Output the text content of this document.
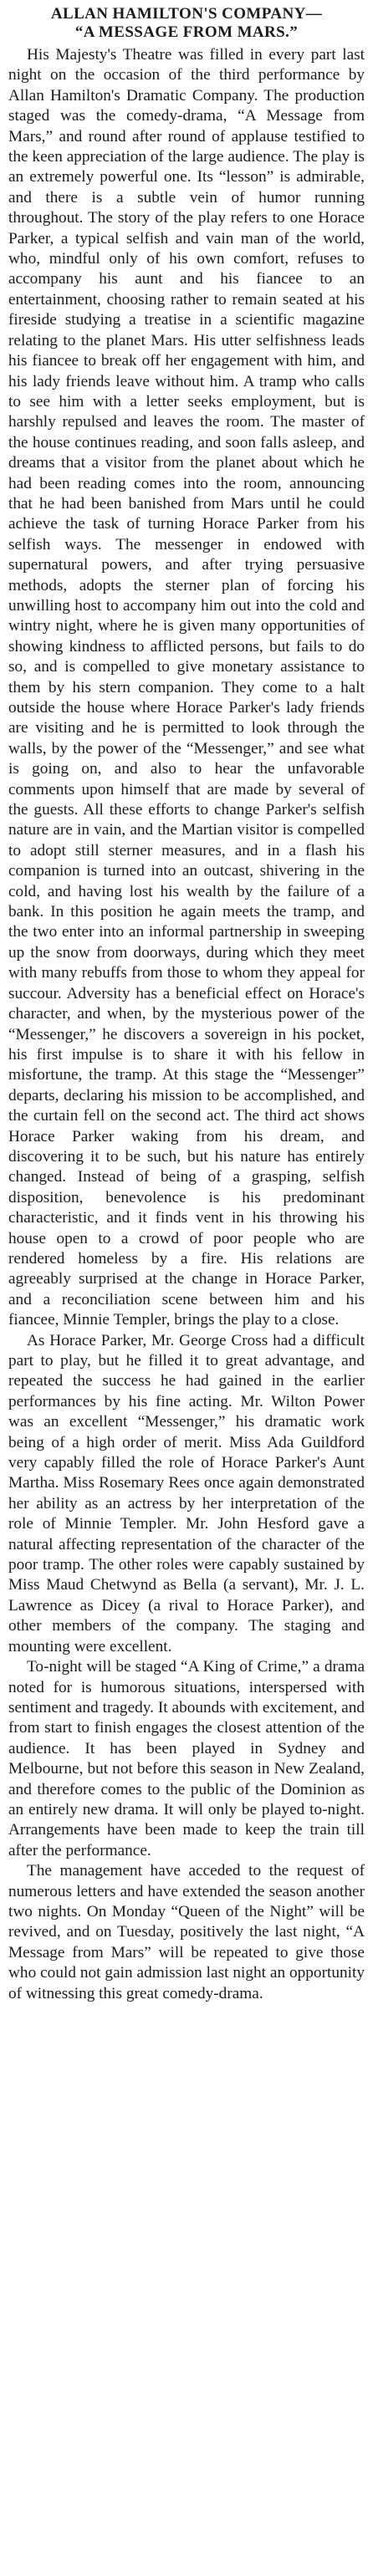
ALLAN HAMILTON'S COMPANY—
“A MESSAGE FROM MARS.”

His Majesty's Theatre was filled in every part last night on the occasion of the third performance by Allan Hamilton's Dramatic Company. The production staged was the comedy-drama, “A Message from Mars,” and round after round of applause testified to the keen appreciation of the large audience. The play is an extremely powerful one. Its “lesson” is admirable, and there is a subtle vein of humor running throughout. The story of the play refers to one Horace Parker, a typical selfish and vain man of the world, who, mindful only of his own comfort, refuses to accompany his aunt and his fiancee to an entertainment, choosing rather to remain seated at his fireside studying a treatise in a scientific magazine relating to the planet Mars. His utter selfishness leads his fiancee to break off her engagement with him, and his lady friends leave without him. A tramp who calls to see him with a letter seeks employment, but is harshly repulsed and leaves the room. The master of the house continues reading, and soon falls asleep, and dreams that a visitor from the planet about which he had been reading comes into the room, announcing that he had been banished from Mars until he could achieve the task of turning Horace Parker from his selfish ways. The messenger in endowed with supernatural powers, and after trying persuasive methods, adopts the sterner plan of forcing his unwilling host to accompany him out into the cold and wintry night, where he is given many opportunities of showing kindness to afflicted persons, but fails to do so, and is compelled to give monetary assistance to them by his stern companion. They come to a halt outside the house where Horace Parker's lady friends are visiting and he is permitted to look through the walls, by the power of the “Messenger,” and see what is going on, and also to hear the unfavorable comments upon himself that are made by several of the guests. All these efforts to change Parker's selfish nature are in vain, and the Martian visitor is compelled to adopt still sterner measures, and in a flash his companion is turned into an outcast, shivering in the cold, and having lost his wealth by the failure of a bank. In this position he again meets the tramp, and the two enter into an informal partnership in sweeping up the snow from doorways, during which they meet with many rebuffs from those to whom they appeal for succour. Adversity has a beneficial effect on Horace's character, and when, by the mysterious power of the “Messenger,” he discovers a sovereign in his pocket, his first impulse is to share it with his fellow in misfortune, the tramp. At this stage the “Messenger” departs, declaring his mission to be accomplished, and the curtain fell on the second act. The third act shows Horace Parker waking from his dream, and discovering it to be such, but his nature has entirely changed. Instead of being of a grasping, selfish disposition, benevolence is his predominant characteristic, and it finds vent in his throwing his house open to a crowd of poor people who are rendered homeless by a fire. His relations are agreeably surprised at the change in Horace Parker, and a reconciliation scene between him and his fiancee, Minnie Templer, brings the play to a close.

As Horace Parker, Mr. George Cross had a difficult part to play, but he filled it to great advantage, and repeated the success he had gained in the earlier performances by his fine acting. Mr. Wilton Power was an excellent “Messenger,” his dramatic work being of a high order of merit. Miss Ada Guildford very capably filled the role of Horace Parker's Aunt Martha. Miss Rosemary Rees once again demonstrated her ability as an actress by her interpretation of the role of Minnie Templer. Mr. John Hesford gave a natural affecting representation of the character of the poor tramp. The other roles were capably sustained by Miss Maud Chetwynd as Bella (a servant), Mr. J. L. Lawrence as Dicey (a rival to Horace Parker), and other members of the company. The staging and mounting were excellent.

To-night will be staged “A King of Crime,” a drama noted for is humorous situations, interspersed with sentiment and tragedy. It abounds with excitement, and from start to finish engages the closest attention of the audience. It has been played in Sydney and Melbourne, but not before this season in New Zealand, and therefore comes to the public of the Dominion as an entirely new drama. It will only be played to-night. Arrangements have been made to keep the train till after the performance.

The management have acceded to the request of numerous letters and have extended the season another two nights. On Monday “Queen of the Night” will be revived, and on Tuesday, positively the last night, “A Message from Mars” will be repeated to give those who could not gain admission last night an opportunity of witnessing this great comedy-drama.
